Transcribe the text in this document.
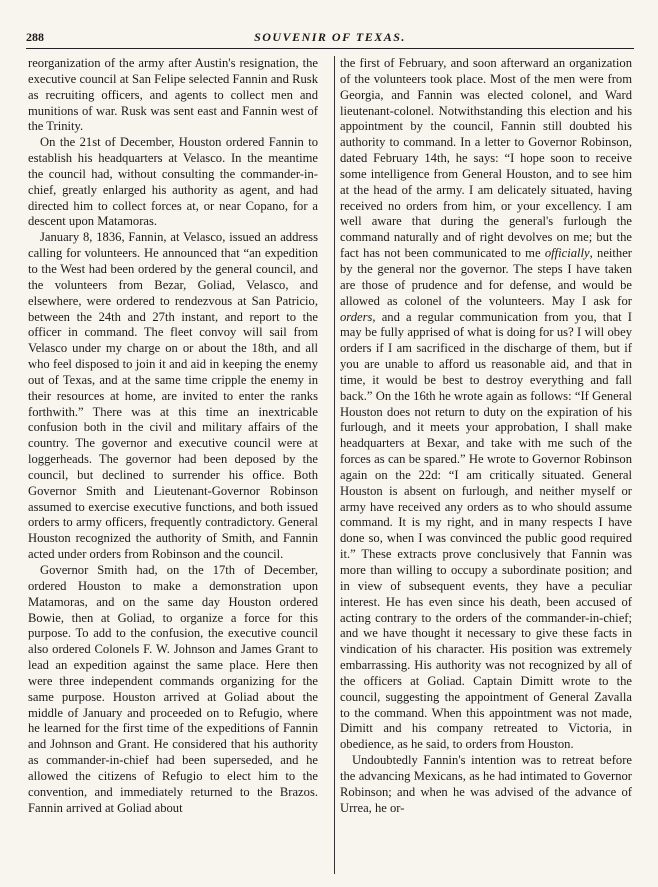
288	SOUVENIR OF TEXAS.

reorganization of the army after Austin's resignation, the executive council at San Felipe selected Fannin and Rusk as recruiting officers, and agents to collect men and munitions of war. Rusk was sent east and Fannin west of the Trinity.

On the 21st of December, Houston ordered Fannin to establish his headquarters at Velasco. In the meantime the council had, without consulting the commander-in-chief, greatly enlarged his authority as agent, and had directed him to collect forces at, or near Copano, for a descent upon Matamoras.

January 8, 1836, Fannin, at Velasco, issued an address calling for volunteers. He announced that “an expedition to the West had been ordered by the general council, and the volunteers from Bezar, Goliad, Velasco, and elsewhere, were ordered to rendezvous at San Patricio, between the 24th and 27th instant, and report to the officer in command. The fleet convoy will sail from Velasco under my charge on or about the 18th, and all who feel disposed to join it and aid in keeping the enemy out of Texas, and at the same time cripple the enemy in their resources at home, are invited to enter the ranks forthwith.” There was at this time an inextricable confusion both in the civil and military affairs of the country. The governor and executive council were at loggerheads. The governor had been deposed by the council, but declined to surrender his office. Both Governor Smith and Lieutenant-Governor Robinson assumed to exercise executive functions, and both issued orders to army officers, frequently contradictory. General Houston recognized the authority of Smith, and Fannin acted under orders from Robinson and the council.

Governor Smith had, on the 17th of December, ordered Houston to make a demonstration upon Matamoras, and on the same day Houston ordered Bowie, then at Goliad, to organize a force for this purpose. To add to the confusion, the executive council also ordered Colonels F. W. Johnson and James Grant to lead an expedition against the same place. Here then were three independent commands organizing for the same purpose. Houston arrived at Goliad about the middle of January and proceeded on to Refugio, where he learned for the first time of the expeditions of Fannin and Johnson and Grant. He considered that his authority as commander-in-chief had been superseded, and he allowed the citizens of Refugio to elect him to the convention, and immediately returned to the Brazos. Fannin arrived at Goliad about

the first of February, and soon afterward an organization of the volunteers took place. Most of the men were from Georgia, and Fannin was elected colonel, and Ward lieutenant-colonel. Notwithstanding this election and his appointment by the council, Fannin still doubted his authority to command. In a letter to Governor Robinson, dated February 14th, he says: “I hope soon to receive some intelligence from General Houston, and to see him at the head of the army. I am delicately situated, having received no orders from him, or your excellency. I am well aware that during the general's furlough the command naturally and of right devolves on me; but the fact has not been communicated to me officially, neither by the general nor the governor. The steps I have taken are those of prudence and for defense, and would be allowed as colonel of the volunteers. May I ask for orders, and a regular communication from you, that I may be fully apprised of what is doing for us? I will obey orders if I am sacrificed in the discharge of them, but if you are unable to afford us reasonable aid, and that in time, it would be best to destroy everything and fall back.” On the 16th he wrote again as follows: “If General Houston does not return to duty on the expiration of his furlough, and it meets your approbation, I shall make headquarters at Bexar, and take with me such of the forces as can be spared.” He wrote to Governor Robinson again on the 22d: “I am critically situated. General Houston is absent on furlough, and neither myself or army have received any orders as to who should assume command. It is my right, and in many respects I have done so, when I was convinced the public good required it.” These extracts prove conclusively that Fannin was more than willing to occupy a subordinate position; and in view of subsequent events, they have a peculiar interest. He has even since his death, been accused of acting contrary to the orders of the commander-in-chief; and we have thought it necessary to give these facts in vindication of his character. His position was extremely embarrassing. His authority was not recognized by all of the officers at Goliad. Captain Dimitt wrote to the council, suggesting the appointment of General Zavalla to the command. When this appointment was not made, Dimitt and his company retreated to Victoria, in obedience, as he said, to orders from Houston.

Undoubtedly Fannin's intention was to retreat before the advancing Mexicans, as he had intimated to Governor Robinson; and when he was advised of the advance of Urrea, he or-
